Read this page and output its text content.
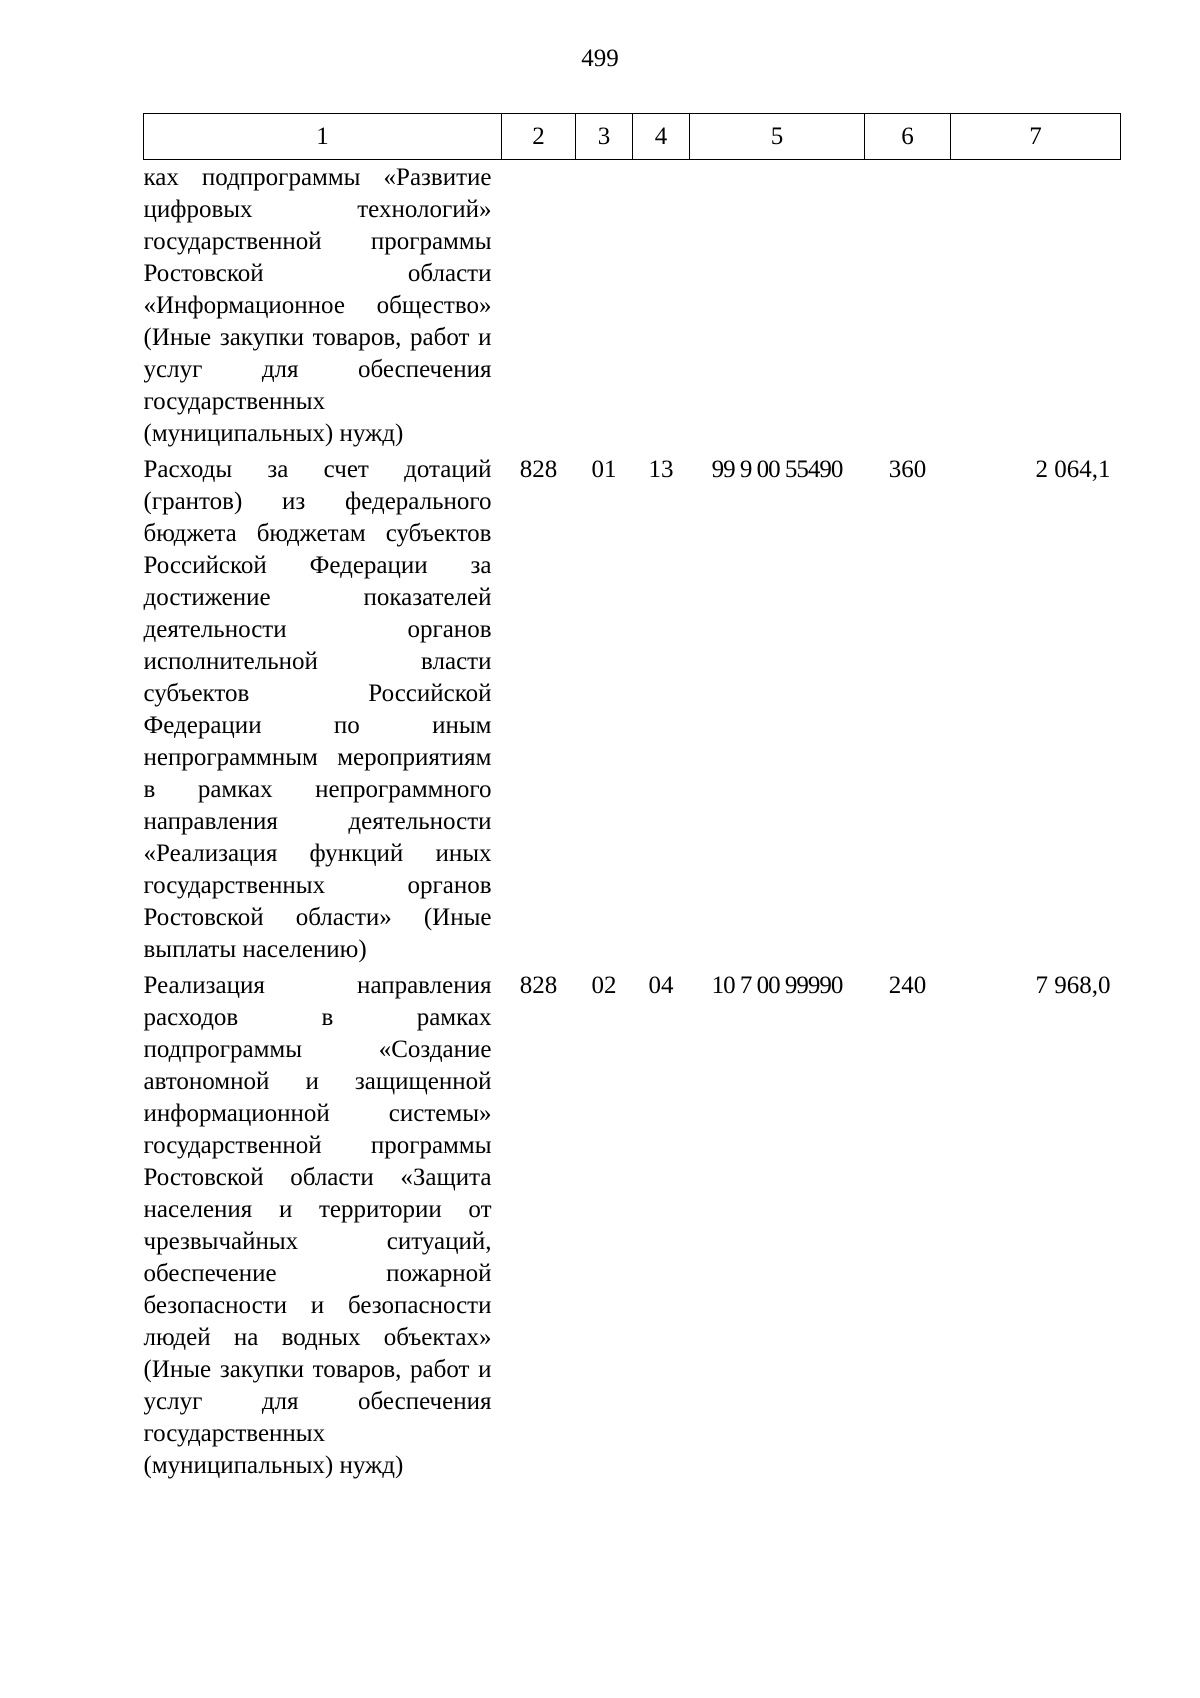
499
1	2	3	4	5	6	7
ках подпрограммы «Развитие цифровых технологий» государственной программы Ростовской области «Информационное общество» (Иные закупки товаров, работ и услуг для обеспечения государственных (муниципальных) нужд)						
Расходы за счет дотаций (грантов) из федерального бюджета бюджетам субъектов Российской Федерации за достижение показателей деятельности органов исполнительной власти субъектов Российской Федерации по иным непрограммным мероприятиям в рамках непрограммного направления деятельности «Реализация функций иных государственных органов Ростовской области» (Иные выплаты населению)	828	01	13	99 9 00 55490	360	2 064,1
Реализация направления расходов в рамках подпрограммы «Создание автономной и защищенной информационной системы» государственной программы Ростовской области «Защита населения и территории от чрезвычайных ситуаций, обеспечение пожарной безопасности и безопасности людей на водных объектах» (Иные закупки товаров, работ и услуг для обеспечения государственных (муниципальных) нужд)	828	02	04	10 7 00 99990	240	7 968,0
